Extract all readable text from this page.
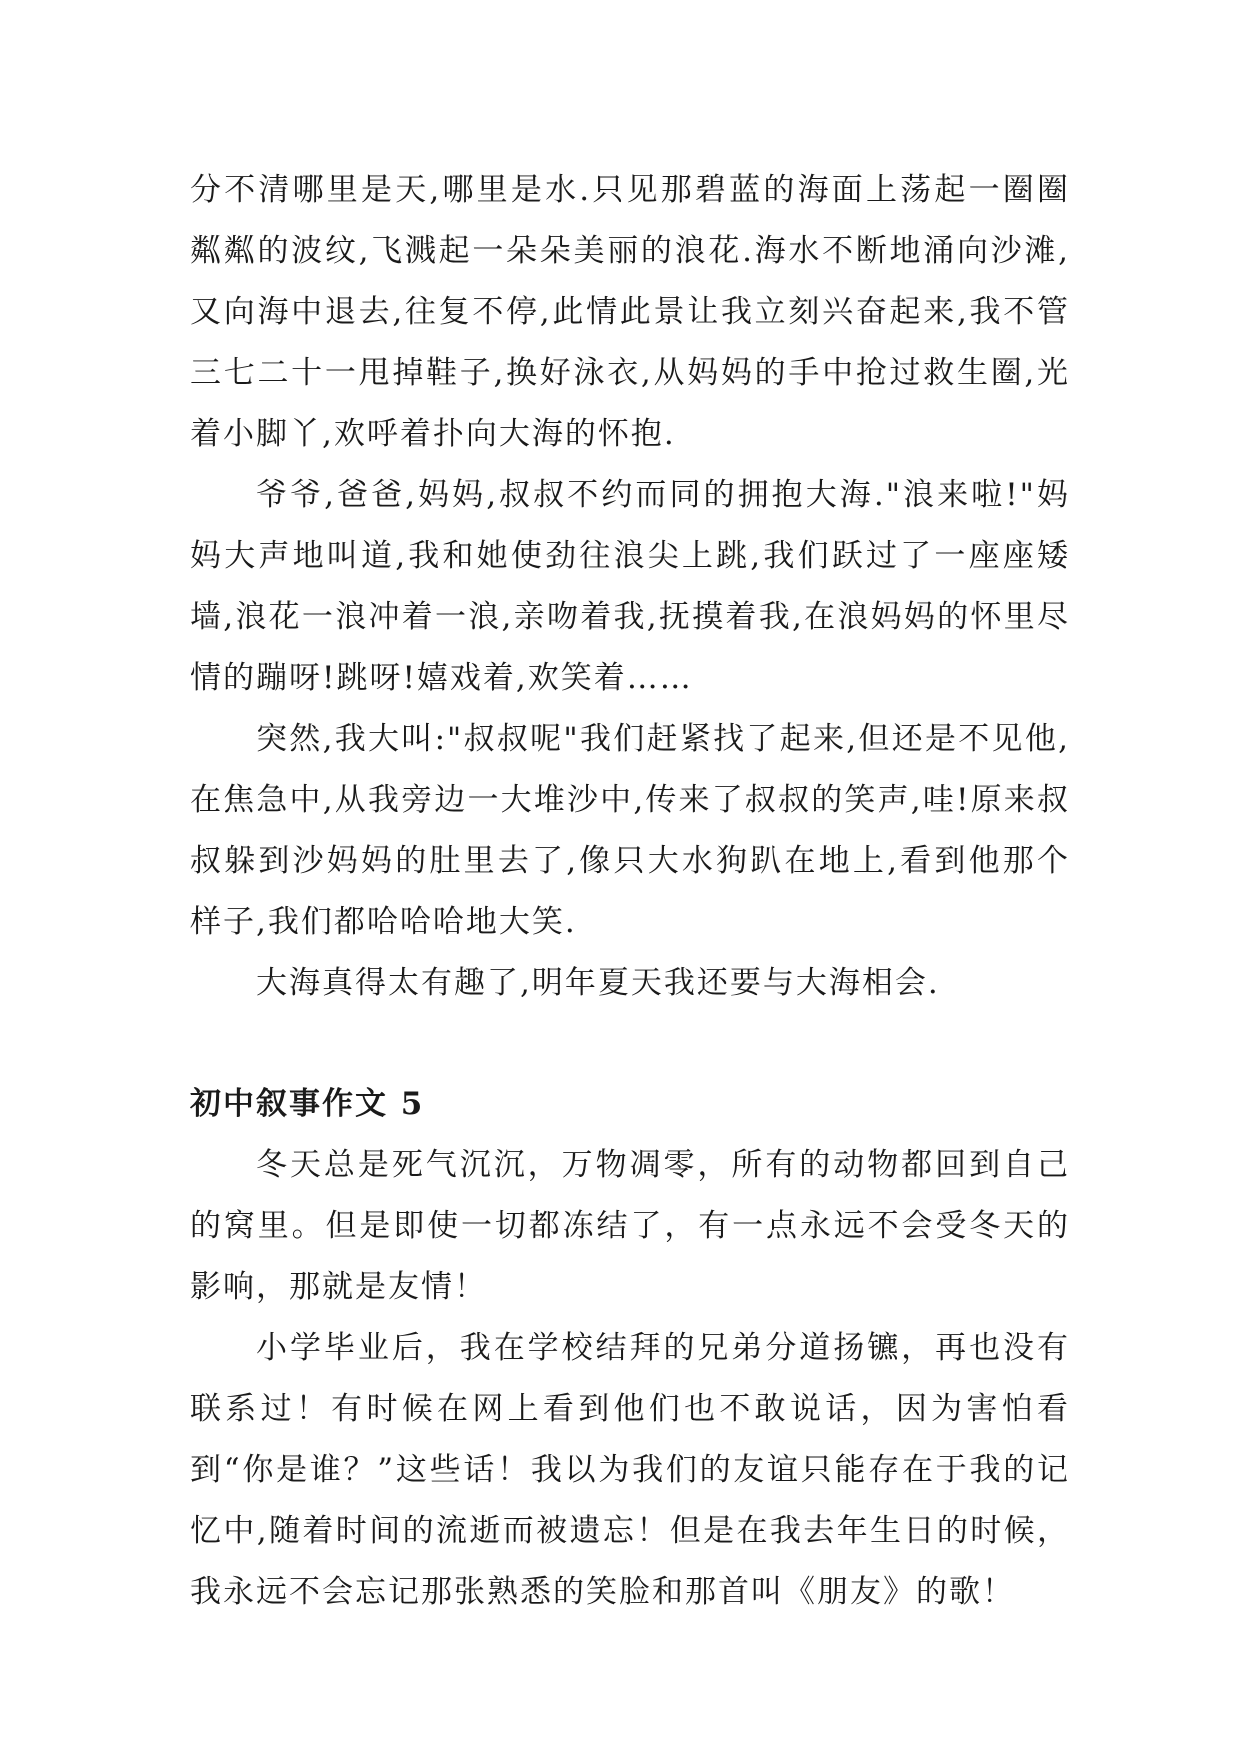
分不清哪里是天,哪里是水.只见那碧蓝的海面上荡起一圈圈粼粼的波纹,飞溅起一朵朵美丽的浪花.海水不断地涌向沙滩,又向海中退去,往复不停,此情此景让我立刻兴奋起来,我不管三七二十一甩掉鞋子,换好泳衣,从妈妈的手中抢过救生圈,光着小脚丫,欢呼着扑向大海的怀抱.

爷爷,爸爸,妈妈,叔叔不约而同的拥抱大海."浪来啦!"妈妈大声地叫道,我和她使劲往浪尖上跳,我们跃过了一座座矮墙,浪花一浪冲着一浪,亲吻着我,抚摸着我,在浪妈妈的怀里尽情的蹦呀!跳呀!嬉戏着,欢笑着……

突然,我大叫:"叔叔呢"我们赶紧找了起来,但还是不见他,在焦急中,从我旁边一大堆沙中,传来了叔叔的笑声,哇!原来叔叔躲到沙妈妈的肚里去了,像只大水狗趴在地上,看到他那个样子,我们都哈哈哈地大笑.

大海真得太有趣了,明年夏天我还要与大海相会.

初中叙事作文 5

冬天总是死气沉沉，万物凋零，所有的动物都回到自己的窝里。但是即使一切都冻结了，有一点永远不会受冬天的影响，那就是友情！

小学毕业后，我在学校结拜的兄弟分道扬镳，再也没有联系过！有时候在网上看到他们也不敢说话，因为害怕看到“你是谁？”这些话！我以为我们的友谊只能存在于我的记忆中,随着时间的流逝而被遗忘！但是在我去年生日的时候，我永远不会忘记那张熟悉的笑脸和那首叫《朋友》的歌！
